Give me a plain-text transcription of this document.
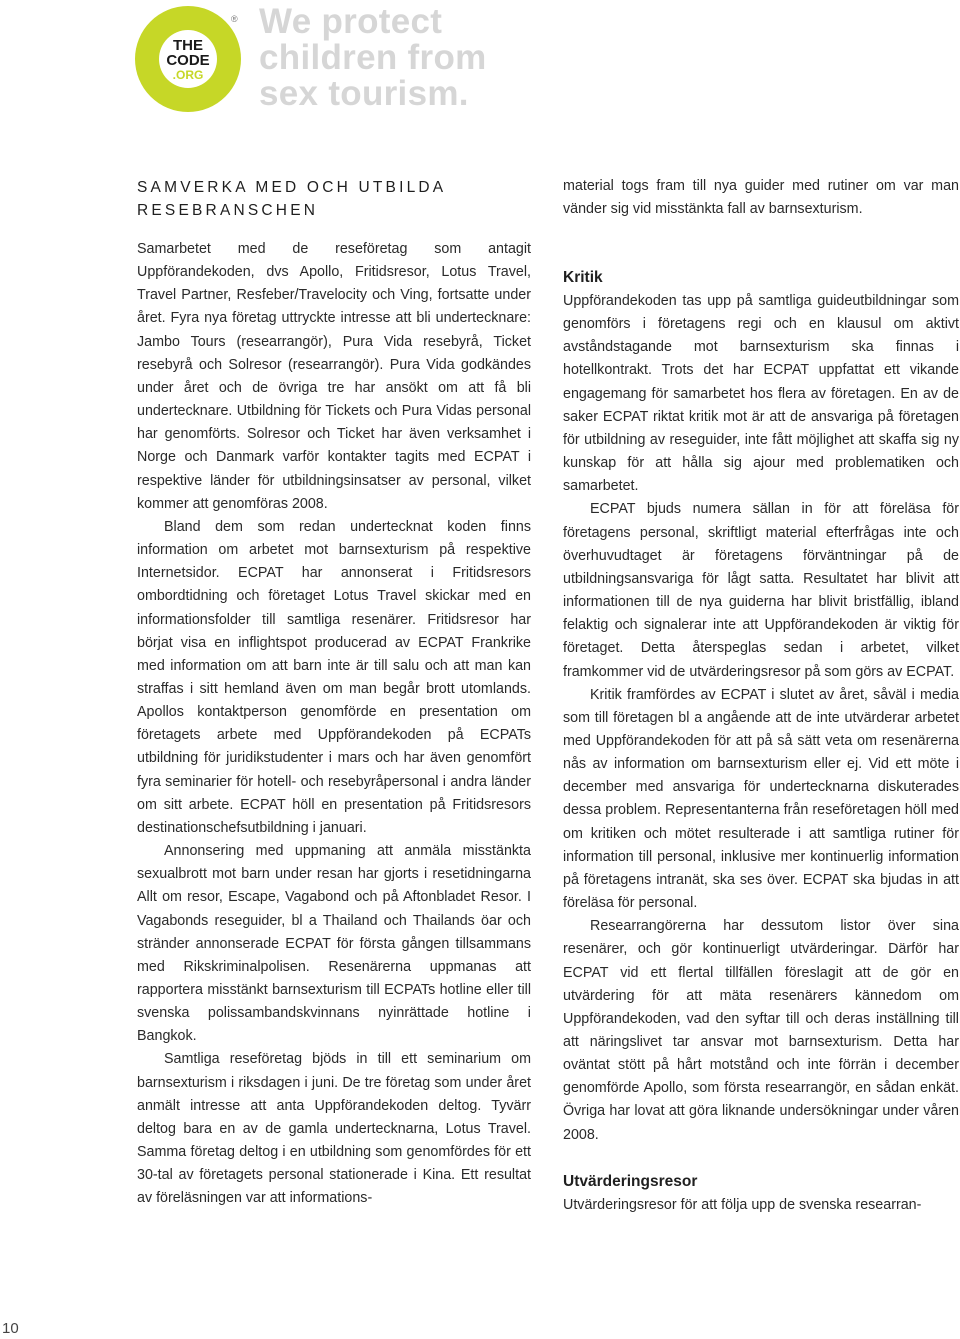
THE
CODE
.ORG
® We protect
children from
sex tourism.
SAMVERKA MED OCH UTBILDA
RESEBRANSCHEN

Samarbetet med de reseföretag som antagit Uppförandekoden, dvs Apollo, Fritidsresor, Lotus Travel, Travel Partner, Resfeber/Travelocity och Ving, fortsatte under året. Fyra nya företag uttryckte intresse att bli undertecknare: Jambo Tours (researrangör), Pura Vida resebyrå, Ticket resebyrå och Solresor (researrangör). Pura Vida godkändes under året och de övriga tre har ansökt om att få bli undertecknare. Utbildning för Tickets och Pura Vidas personal har genomförts. Solresor och Ticket har även verksamhet i Norge och Danmark varför kontakter tagits med ECPAT i respektive länder för utbildningsinsatser av personal, vilket kommer att genomföras 2008.

Bland dem som redan undertecknat koden finns information om arbetet mot barnsexturism på respektive Internetsidor. ECPAT har annonserat i Fritidsresors ombordtidning och företaget Lotus Travel skickar med en informationsfolder till samtliga resenärer. Fritidsresor har börjat visa en inflightspot producerad av ECPAT Frankrike med information om att barn inte är till salu och att man kan straffas i sitt hemland även om man begår brott utomlands. Apollos kontaktperson genomförde en presentation om företagets arbete med Uppförandekoden på ECPATs utbildning för juridikstudenter i mars och har även genomfört fyra seminarier för hotell- och resebyråpersonal i andra länder om sitt arbete. ECPAT höll en presentation på Fritidsresors destinationschefsutbildning i januari.

Annonsering med uppmaning att anmäla misstänkta sexualbrott mot barn under resan har gjorts i resetidningarna Allt om resor, Escape, Vagabond och på Aftonbladet Resor. I Vagabonds reseguider, bl a Thailand och Thailands öar och stränder annonserade ECPAT för första gången tillsammans med Rikskriminalpolisen. Resenärerna uppmanas att rapportera misstänkt barnsexturism till ECPATs hotline eller till svenska polissambandskvinnans nyinrättade hotline i Bangkok.

Samtliga reseföretag bjöds in till ett seminarium om barnsexturism i riksdagen i juni. De tre företag som under året anmält intresse att anta Uppförandekoden deltog. Tyvärr deltog bara en av de gamla undertecknarna, Lotus Travel. Samma företag deltog i en utbildning som genomfördes för ett 30-tal av företagets personal stationerade i Kina. Ett resultat av föreläsningen var att informations-

material togs fram till nya guider med rutiner om var man vänder sig vid misstänkta fall av barnsexturism.

Kritik

Uppförandekoden tas upp på samtliga guideutbildningar som genomförs i företagens regi och en klausul om aktivt avståndstagande mot barnsexturism ska finnas i hotellkontrakt. Trots det har ECPAT uppfattat ett vikande engagemang för samarbetet hos flera av företagen. En av de saker ECPAT riktat kritik mot är att de ansvariga på företagen för utbildning av reseguider, inte fått möjlighet att skaffa sig ny kunskap för att hålla sig ajour med problematiken och samarbetet.

ECPAT bjuds numera sällan in för att föreläsa för företagens personal, skriftligt material efterfrågas inte och överhuvudtaget är företagens förväntningar på de utbildningsansvariga för lågt satta. Resultatet har blivit att informationen till de nya guiderna har blivit bristfällig, ibland felaktig och signalerar inte att Uppförandekoden är viktig för företaget. Detta återspeglas sedan i arbetet, vilket framkommer vid de utvärderingsresor på som görs av ECPAT.

Kritik framfördes av ECPAT i slutet av året, såväl i media som till företagen bl a angående att de inte utvärderar arbetet med Uppförandekoden för att på så sätt veta om resenärerna nås av information om barnsexturism eller ej. Vid ett möte i december med ansvariga för undertecknarna diskuterades dessa problem. Representanterna från reseföretagen höll med om kritiken och mötet resulterade i att samtliga rutiner för information till personal, inklusive mer kontinuerlig information på företagens intranät, ska ses över. ECPAT ska bjudas in att föreläsa för personal.

Researrangörerna har dessutom listor över sina resenärer, och gör kontinuerligt utvärderingar. Därför har ECPAT vid ett flertal tillfällen föreslagit att de gör en utvärdering för att mäta resenärers kännedom om Uppförandekoden, vad den syftar till och deras inställning till att näringslivet tar ansvar mot barnsexturism. Detta har oväntat stött på hårt motstånd och inte förrän i december genomförde Apollo, som första researrangör, en sådan enkät. Övriga har lovat att göra liknande undersökningar under våren 2008.

Utvärderingsresor

Utvärderingsresor för att följa upp de svenska researran-

10
